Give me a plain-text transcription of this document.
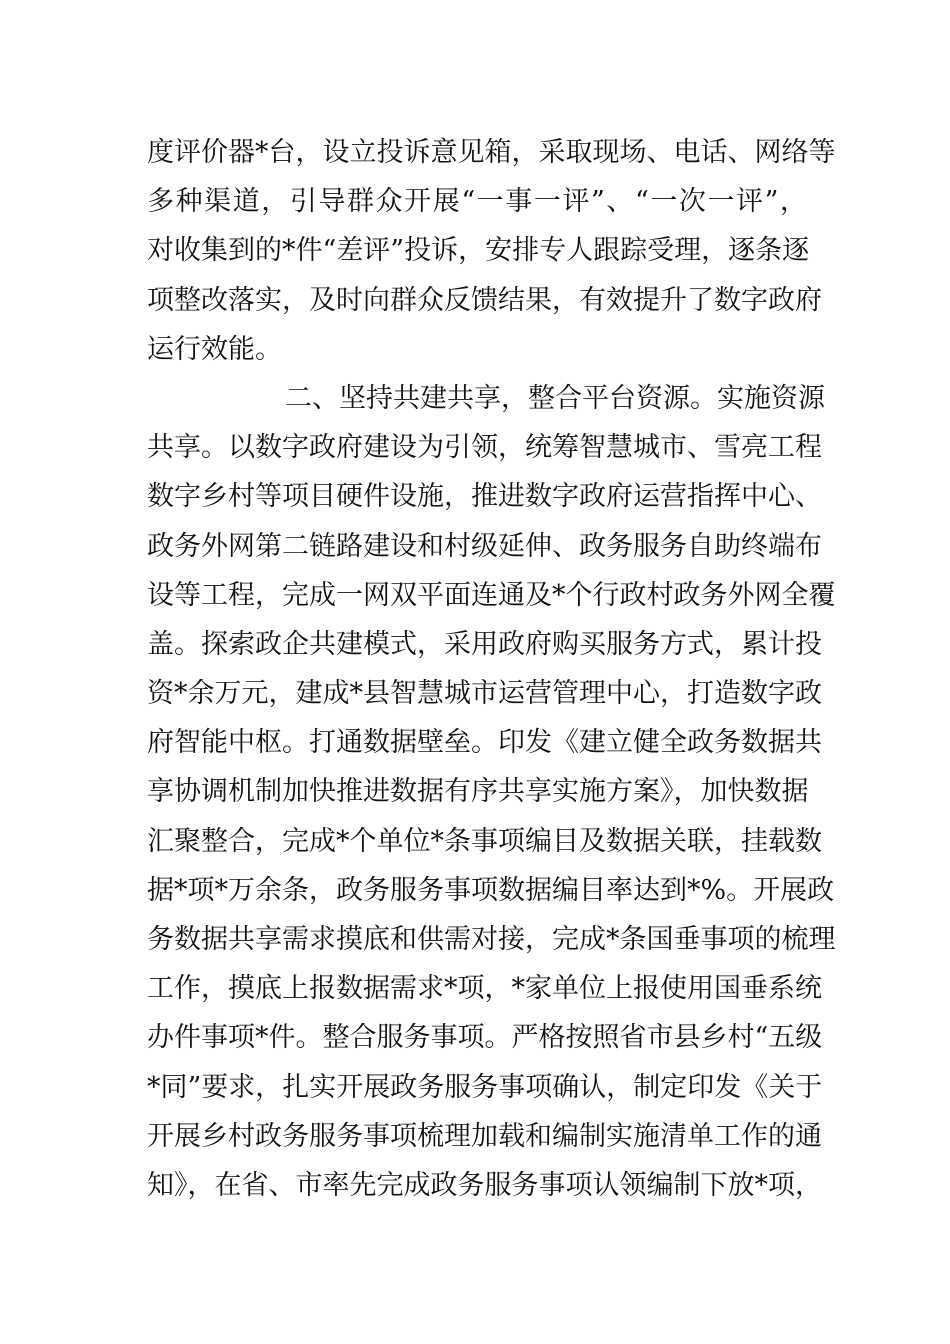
度评价器*台，设立投诉意见箱，采取现场、电话、网络等
多种渠道，引导群众开展“一事一评”、“一次一评”，
对收集到的*件“差评”投诉，安排专人跟踪受理，逐条逐
项整改落实，及时向群众反馈结果，有效提升了数字政府
运行效能。
二、坚持共建共享，整合平台资源。实施资源
共享。以数字政府建设为引领，统筹智慧城市、雪亮工程
数字乡村等项目硬件设施，推进数字政府运营指挥中心、
政务外网第二链路建设和村级延伸、政务服务自助终端布
设等工程，完成一网双平面连通及*个行政村政务外网全覆
盖。探索政企共建模式，采用政府购买服务方式，累计投
资*余万元，建成*县智慧城市运营管理中心，打造数字政
府智能中枢。打通数据壁垒。印发《建立健全政务数据共
享协调机制加快推进数据有序共享实施方案》，加快数据
汇聚整合，完成*个单位*条事项编目及数据关联，挂载数
据*项*万余条，政务服务事项数据编目率达到*%。开展政
务数据共享需求摸底和供需对接，完成*条国垂事项的梳理
工作，摸底上报数据需求*项，*家单位上报使用国垂系统
办件事项*件。整合服务事项。严格按照省市县乡村“五级
*同”要求，扎实开展政务服务事项确认，制定印发《关于
开展乡村政务服务事项梳理加载和编制实施清单工作的通
知》，在省、市率先完成政务服务事项认领编制下放*项，
